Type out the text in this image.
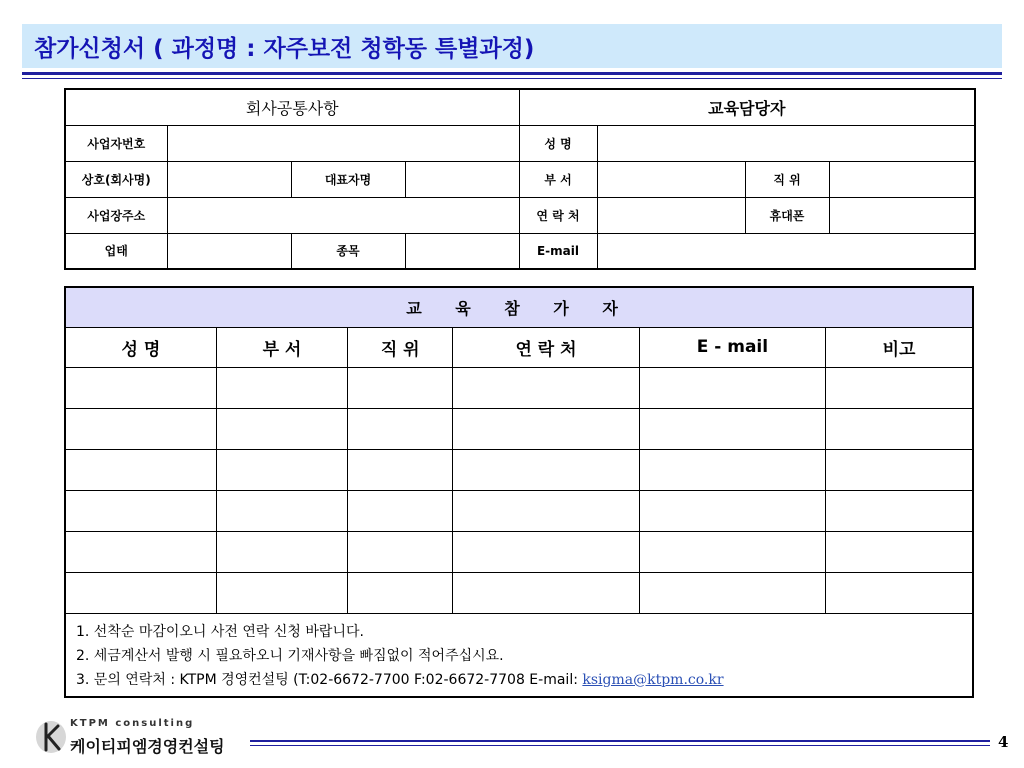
참가신청서 ( 과정명 : 자주보전 청학동 특별과정)
회사공통사항				교육담당자			
사업자번호				성 명			
상호(회사명)		대표자명		부 서		직 위	
사업장주소				연 락 처		휴대폰	
업태		종목		E-mail			
교 육 참 가 자					
성 명	부 서	직 위	연 락 처	E - mail	비고

1. 선착순 마감이오니 사전 연락 신청 바랍니다.
2. 세금계산서 발행 시 필요하오니 기재사항을 빠짐없이 적어주십시요.
3. 문의 연락처 : KTPM 경영컨설팅 (T:02-6672-7700 F:02-6672-7708 E-mail: ksigma@ktpm.co.kr					
KTPM consulting
케이티피엠경영컨설팅	4
